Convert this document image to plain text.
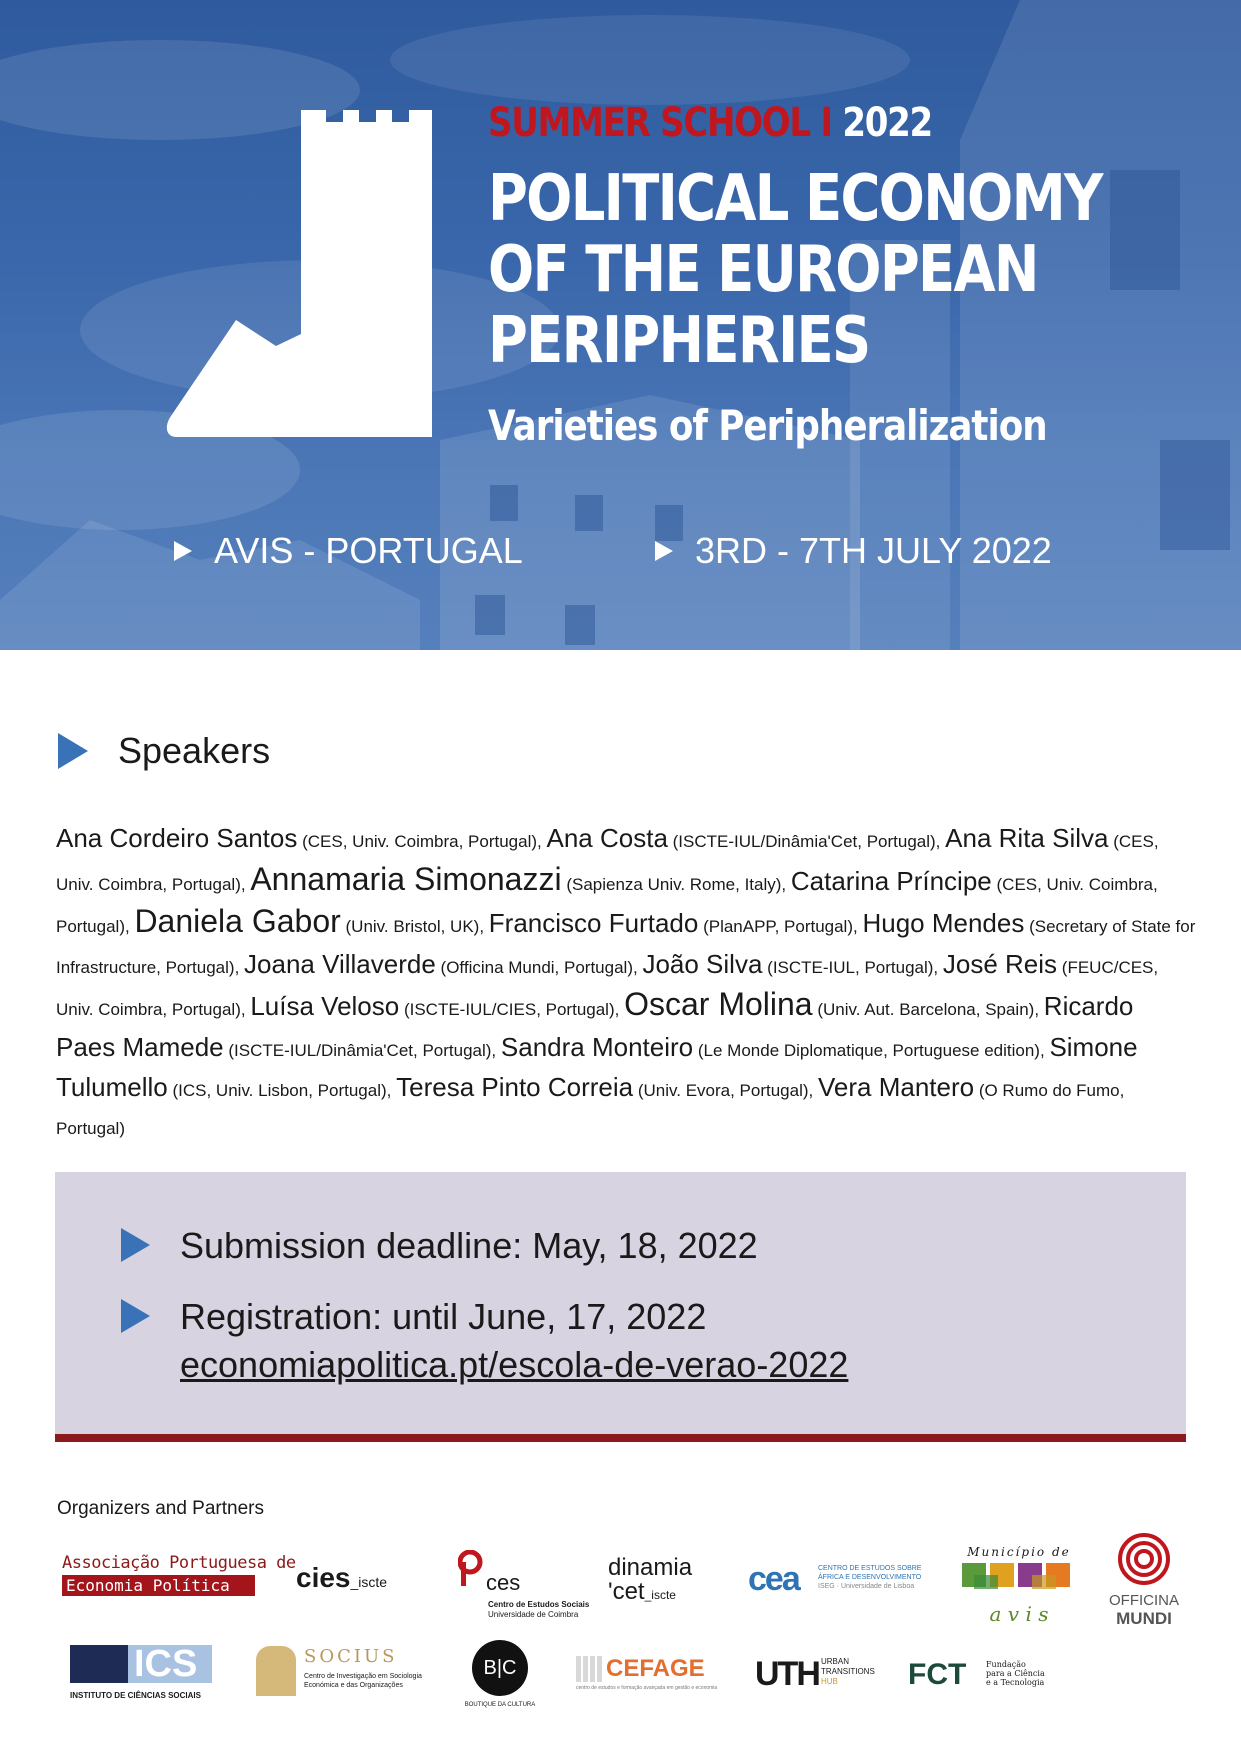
SUMMER SCHOOL I 2022
POLITICAL ECONOMY
OF THE EUROPEAN
PERIPHERIES
Varieties of Peripheralization
AVIS - PORTUGAL	3RD - 7TH JULY 2022
Speakers
Ana Cordeiro Santos (CES, Univ. Coimbra, Portugal), Ana Costa (ISCTE-IUL/Dinâmia'Cet, Portugal), Ana Rita Silva (CES, Univ. Coimbra, Portugal), Annamaria Simonazzi (Sapienza Univ. Rome, Italy), Catarina Príncipe (CES, Univ. Coimbra, Portugal), Daniela Gabor (Univ. Bristol, UK), Francisco Furtado (PlanAPP, Portugal), Hugo Mendes (Secretary of State for Infrastructure, Portugal), Joana Villaverde (Officina Mundi, Portugal), João Silva (ISCTE-IUL, Portugal), José Reis (FEUC/CES, Univ. Coimbra, Portugal), Luísa Veloso (ISCTE-IUL/CIES, Portugal), Oscar Molina (Univ. Aut. Barcelona, Spain), Ricardo Paes Mamede (ISCTE-IUL/Dinâmia'Cet, Portugal), Sandra Monteiro (Le Monde Diplomatique, Portuguese edition), Simone Tulumello (ICS, Univ. Lisbon, Portugal), Teresa Pinto Correia (Univ. Evora, Portugal), Vera Mantero (O Rumo do Fumo, Portugal)
Submission deadline: May, 18, 2022
Registration: until June, 17, 2022
economiapolitica.pt/escola-de-verao-2022
Organizers and Partners
Associação Portuguesa de
Economia Política	cies_iscte	ces
Centro de Estudos Sociais
Universidade de Coimbra
dinamia
'cet_iscte	cea	CENTRO DE ESTUDOS SOBRE
ÁFRICA E DESENVOLVIMENTO
ISEG · Universidade de Lisboa
Município de
a v i s
OFFICINA
MUNDI
ICS
INSTITUTO DE CIÊNCIAS SOCIAIS
SOCIUS
Centro de Investigação em Sociologia
Económica e das Organizações
B|C
BOUTIQUE DA CULTURA
CEFAGE
centro de estudos e formação avançada em gestão e economia UTH URBAN
TRANSITIONS
HUB	FCT Fundação
para a Ciência
e a Tecnologia
